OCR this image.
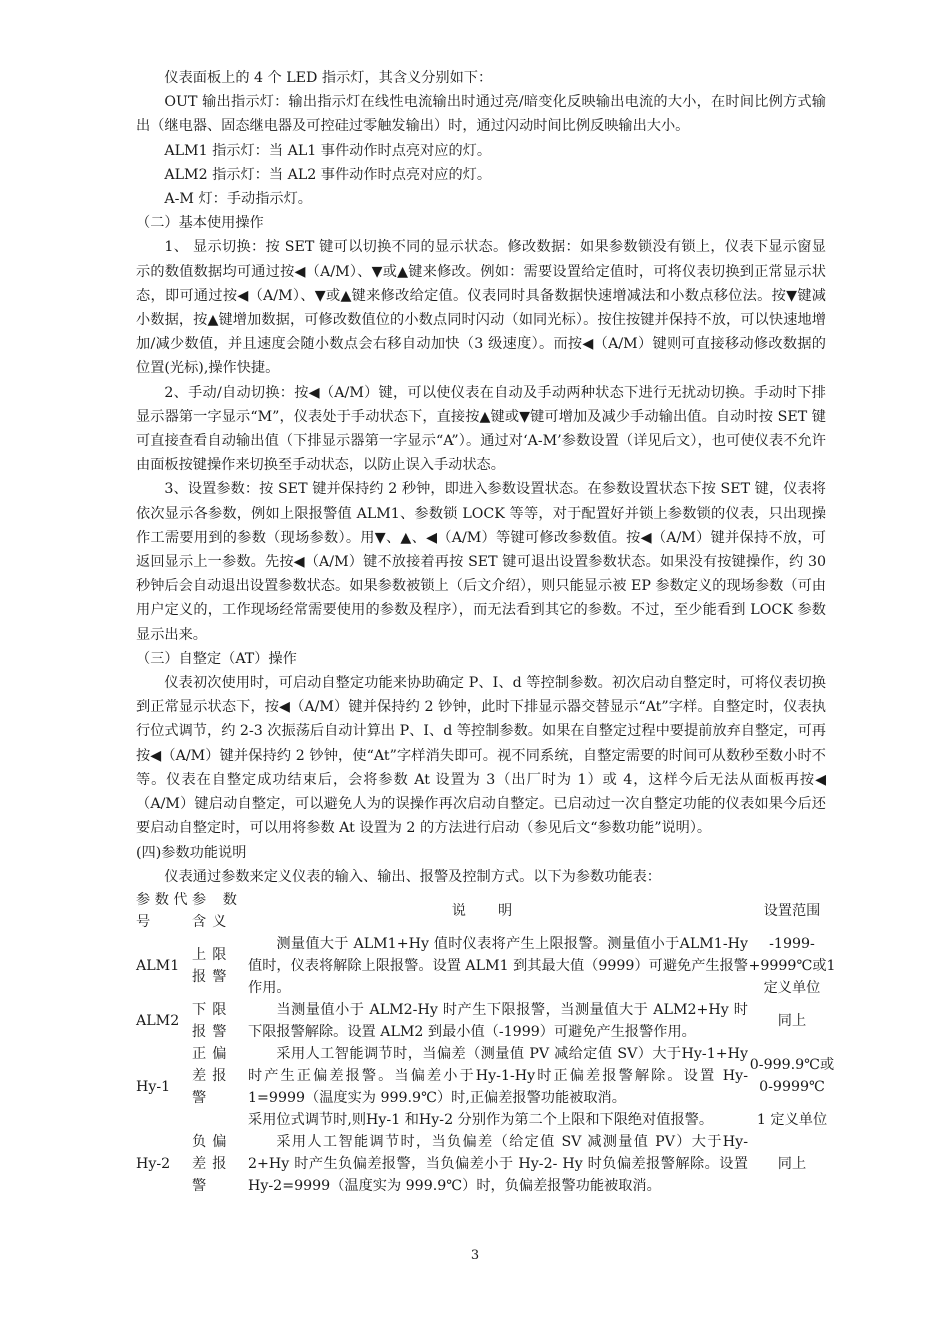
仪表面板上的 4 个 LED 指示灯，其含义分别如下：

OUT 输出指示灯：输出指示灯在线性电流输出时通过亮/暗变化反映输出电流的大小，在时间比例方式输出（继电器、固态继电器及可控硅过零触发输出）时，通过闪动时间比例反映输出大小。

ALM1 指示灯：当 AL1 事件动作时点亮对应的灯。

ALM2 指示灯：当 AL2 事件动作时点亮对应的灯。

A-M 灯：手动指示灯。

（二）基本使用操作

1、 显示切换：按 SET 键可以切换不同的显示状态。修改数据：如果参数锁没有锁上，仪表下显示窗显示的数值数据均可通过按◀（A/M）、▼或▲键来修改。例如：需要设置给定值时，可将仪表切换到正常显示状态，即可通过按◀（A/M）、▼或▲键来修改给定值。仪表同时具备数据快速增减法和小数点移位法。按▼键减小数据，按▲键增加数据，可修改数值位的小数点同时闪动（如同光标）。按住按键并保持不放，可以快速地增加/减少数值，并且速度会随小数点会右移自动加快（3 级速度）。而按◀（A/M）键则可直接移动修改数据的位置(光标),操作快捷。

2、手动/自动切换：按◀（A/M）键，可以使仪表在自动及手动两种状态下进行无扰动切换。手动时下排显示器第一字显示“M”，仪表处于手动状态下，直接按▲键或▼键可增加及减少手动输出值。自动时按 SET 键可直接查看自动输出值（下排显示器第一字显示“A”）。通过对‘A-M’参数设置（详见后文），也可使仪表不允许由面板按键操作来切换至手动状态，以防止误入手动状态。

3、设置参数：按 SET 键并保持约 2 秒钟，即进入参数设置状态。在参数设置状态下按 SET 键，仪表将依次显示各参数，例如上限报警值 ALM1、参数锁 LOCK 等等，对于配置好并锁上参数锁的仪表，只出现操作工需要用到的参数（现场参数）。用▼、▲、◀（A/M）等键可修改参数值。按◀（A/M）键并保持不放，可返回显示上一参数。先按◀（A/M）键不放接着再按 SET 键可退出设置参数状态。如果没有按键操作，约 30 秒钟后会自动退出设置参数状态。如果参数被锁上（后文介绍），则只能显示被 EP 参数定义的现场参数（可由用户定义的，工作现场经常需要使用的参数及程序），而无法看到其它的参数。不过，至少能看到 LOCK 参数显示出来。

（三）自整定（AT）操作

仪表初次使用时，可启动自整定功能来协助确定 P、I、d 等控制参数。初次启动自整定时，可将仪表切换到正常显示状态下，按◀（A/M）键并保持约 2 钞钟，此时下排显示器交替显示“At”字样。自整定时，仪表执行位式调节，约 2-3 次振荡后自动计算出 P、I、d 等控制参数。如果在自整定过程中要提前放弃自整定，可再按◀（A/M）键并保持约 2 钞钟，使“At”字样消失即可。视不同系统，自整定需要的时间可从数秒至数小时不等。仪表在自整定成功结束后，会将参数 At 设置为 3（出厂时为 1）或 4，这样今后无法从面板再按◀（A/M）键启动自整定，可以避免人为的误操作再次启动自整定。已启动过一次自整定功能的仪表如果今后还要启动自整定时，可以用将参数 At 设置为 2 的方法进行启动（参见后文“参数功能”说明）。

(四)参数功能说明

仪表通过参数来定义仪表的输入、输出、报警及控制方式。以下为参数功能表：

参 数 代号	参 数 含义	说明	设置范围
ALM1	上限报警	测量值大于 ALM1+Hy 值时仪表将产生上限报警。测量值小于ALM1-Hy值时，仪表将解除上限报警。设置 ALM1 到其最大值（9999）可避免产生报警作用。	-1999-+9999℃或1 定义单位
ALM2	下限报警	当测量值小于 ALM2-Hy 时产生下限报警，当测量值大于 ALM2+Hy 时下限报警解除。设置 ALM2 到最小值（-1999）可避免产生报警作用。	同上
Hy-1	正偏差报警	采用人工智能调节时，当偏差（测量值 PV 减给定值 SV）大于Hy-1+Hy时产生正偏差报警。当偏差小于Hy-1-Hy时正偏差报警解除。设置 Hy-1=9999（温度实为 999.9℃）时,正偏差报警功能被取消。	0-999.9℃或0-9999℃
		采用位式调节时,则Hy-1 和Hy-2 分别作为第二个上限和下限绝对值报警。	1 定义单位
Hy-2	负偏差报警	采用人工智能调节时，当负偏差（给定值 SV 减测量值 PV）大于Hy-2+Hy 时产生负偏差报警，当负偏差小于 Hy-2- Hy 时负偏差报警解除。设置 Hy-2=9999（温度实为 999.9℃）时，负偏差报警功能被取消。	同上
3
